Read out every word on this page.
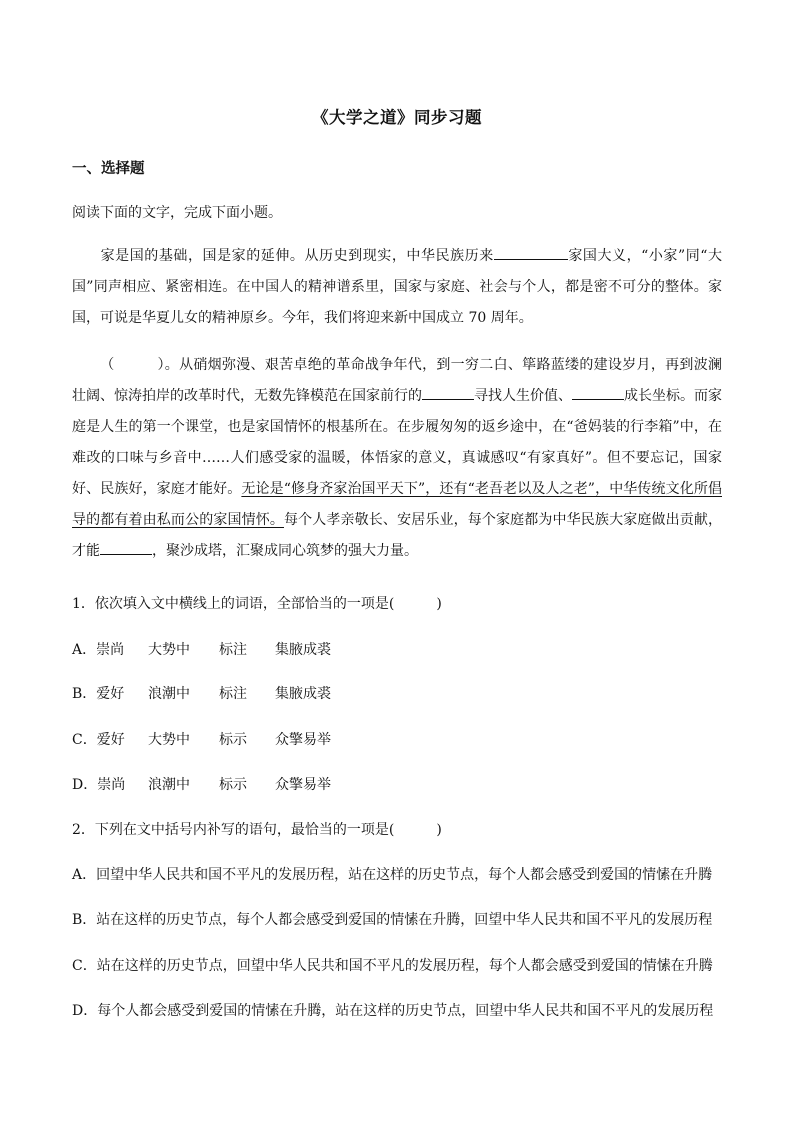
《大学之道》同步习题
一、选择题
阅读下面的文字，完成下面小题。
家是国的基础，国是家的延伸。从历史到现实，中华民族历来	家国大义，“小家”同“大国”同声相应、紧密相连。在中国人的精神谱系里，国家与家庭、社会与个人，都是密不可分的整体。家国，可说是华夏儿女的精神原乡。今年，我们将迎来新中国成立 70 周年。
（　　　）。从硝烟弥漫、艰苦卓绝的革命战争年代，到一穷二白、筚路蓝缕的建设岁月，再到波澜壮阔、惊涛拍岸的改革时代，无数先锋模范在国家前行的	寻找人生价值、	成长坐标。而家庭是人生的第一个课堂，也是家国情怀的根基所在。在步履匆匆的返乡途中，在“爸妈装的行李箱”中，在难改的口味与乡音中……人们感受家的温暖，体悟家的意义，真诚感叹“有家真好”。但不要忘记，国家好、民族好，家庭才能好。无论是“修身齐家治国平天下”，还有“老吾老以及人之老”，中华传统文化所倡导的都有着由私而公的家国情怀。每个人孝亲敬长、安居乐业，每个家庭都为中华民族大家庭做出贡献，才能	，聚沙成塔，汇聚成同心筑梦的强大力量。
1．依次填入文中横线上的词语，全部恰当的一项是(　　　)
A．崇尚 大势中 标注 集腋成裘
B．爱好 浪潮中 标注 集腋成裘
C．爱好 大势中 标示 众擎易举
D．崇尚 浪潮中 标示 众擎易举
2．下列在文中括号内补写的语句，最恰当的一项是(　　　)
A．回望中华人民共和国不平凡的发展历程，站在这样的历史节点，每个人都会感受到爱国的情愫在升腾
B．站在这样的历史节点，每个人都会感受到爱国的情愫在升腾，回望中华人民共和国不平凡的发展历程
C．站在这样的历史节点，回望中华人民共和国不平凡的发展历程，每个人都会感受到爱国的情愫在升腾
D．每个人都会感受到爱国的情愫在升腾，站在这样的历史节点，回望中华人民共和国不平凡的发展历程
